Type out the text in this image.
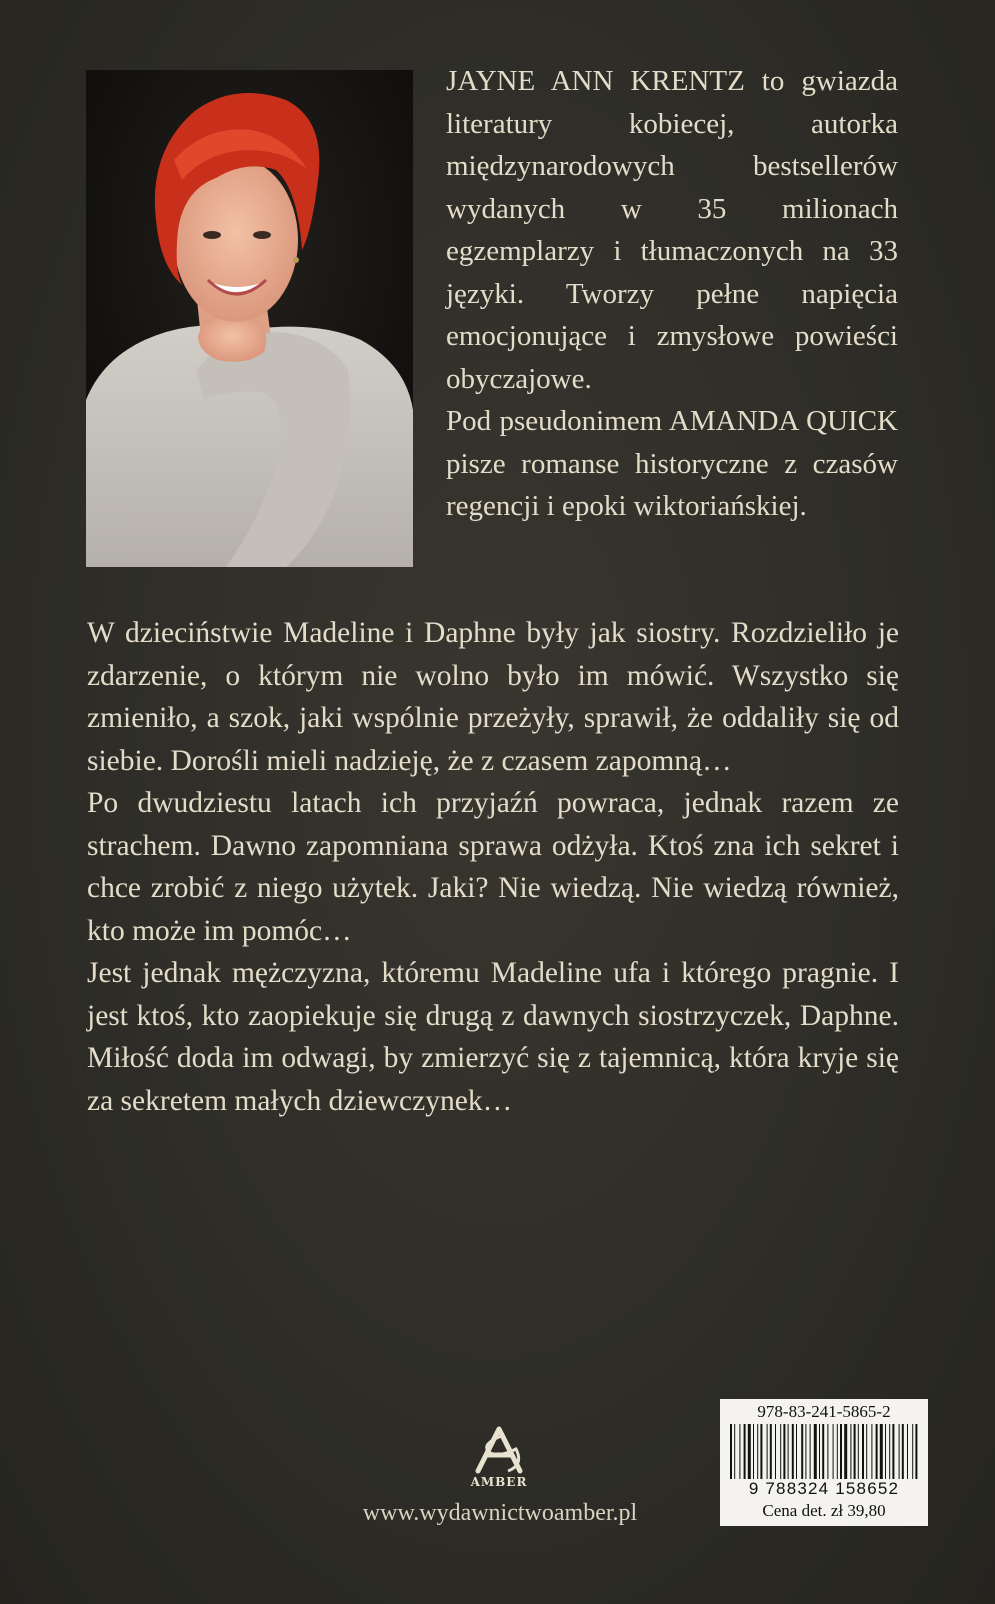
JAYNE ANN KRENTZ to gwiazda literatury kobiecej, autorka międzynarodowych bestsellerów wydanych w 35 milionach egzemplarzy i tłumaczonych na 33 języki. Tworzy pełne napięcia emocjonujące i zmysłowe powieści obyczajowe.

Pod pseudonimem AMANDA QUICK pisze romanse historyczne z czasów regencji i epoki wiktoriańskiej.

W dzieciństwie Madeline i Daphne były jak siostry. Rozdzieliło je zdarzenie, o którym nie wolno było im mówić. Wszystko się zmieniło, a szok, jaki wspólnie przeżyły, sprawił, że oddaliły się od siebie. Dorośli mieli nadzieję, że z czasem zapomną…

Po dwudziestu latach ich przyjaźń powraca, jednak razem ze strachem. Dawno zapomniana sprawa odżyła. Ktoś zna ich sekret i chce zrobić z niego użytek. Jaki? Nie wiedzą. Nie wiedzą również, kto może im pomóc…

Jest jednak mężczyzna, któremu Madeline ufa i którego pragnie. I jest ktoś, kto zaopiekuje się drugą z dawnych siostrzyczek, Daphne. Miłość doda im odwagi, by zmierzyć się z tajemnicą, która kryje się za sekretem małych dziewczynek…

AMBER
www.wydawnictwoamber.pl
978-83-241-5865-2
9 788324 158652
Cena det. zł 39,80
